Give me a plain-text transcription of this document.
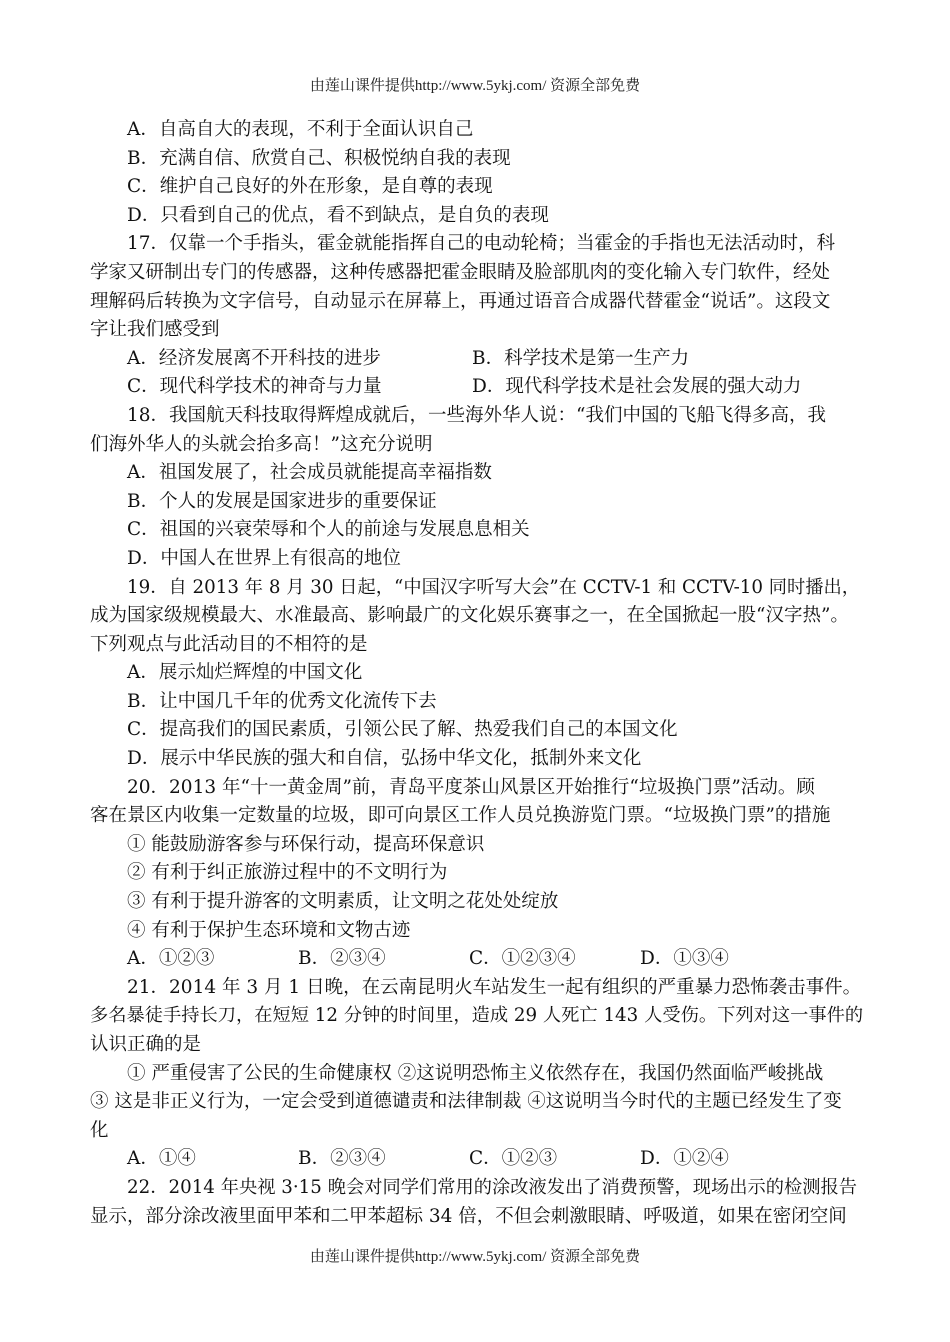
由莲山课件提供http://www.5ykj.com/ 资源全部免费

A．自高自大的表现，不利于全面认识自己

B．充满自信、欣赏自己、积极悦纳自我的表现

C．维护自己良好的外在形象，是自尊的表现

D．只看到自己的优点，看不到缺点，是自负的表现

17．仅靠一个手指头，霍金就能指挥自己的电动轮椅；当霍金的手指也无法活动时，科

学家又研制出专门的传感器，这种传感器把霍金眼睛及脸部肌肉的变化输入专门软件，经处

理解码后转换为文字信号，自动显示在屏幕上，再通过语音合成器代替霍金“说话”。这段文

字让我们感受到

A．经济发展离不开科技的进步	B．科学技术是第一生产力
C．现代科学技术的神奇与力量	D．现代科学技术是社会发展的强大动力

18．我国航天科技取得辉煌成就后，一些海外华人说：“我们中国的飞船飞得多高，我

们海外华人的头就会抬多高！”这充分说明

A．祖国发展了，社会成员就能提高幸福指数

B．个人的发展是国家进步的重要保证

C．祖国的兴衰荣辱和个人的前途与发展息息相关

D．中国人在世界上有很高的地位

19．自 2013 年 8 月 30 日起，“中国汉字听写大会”在 CCTV-1 和 CCTV-10 同时播出，

成为国家级规模最大、水准最高、影响最广的文化娱乐赛事之一，在全国掀起一股“汉字热”。

下列观点与此活动目的不相符的是

A．展示灿烂辉煌的中国文化

B．让中国几千年的优秀文化流传下去

C．提高我们的国民素质，引领公民了解、热爱我们自己的本国文化

D．展示中华民族的强大和自信，弘扬中华文化，抵制外来文化

20．2013 年“十一黄金周”前，青岛平度茶山风景区开始推行“垃圾换门票”活动。顾

客在景区内收集一定数量的垃圾，即可向景区工作人员兑换游览门票。“垃圾换门票”的措施

① 能鼓励游客参与环保行动，提高环保意识

② 有利于纠正旅游过程中的不文明行为

③ 有利于提升游客的文明素质，让文明之花处处绽放

④ 有利于保护生态环境和文物古迹

A．①②③	B．②③④	C．①②③④	D．①③④

21．2014 年 3 月 1 日晚，在云南昆明火车站发生一起有组织的严重暴力恐怖袭击事件。

多名暴徒手持长刀，在短短 12 分钟的时间里，造成 29 人死亡 143 人受伤。下列对这一事件的

认识正确的是

① 严重侵害了公民的生命健康权 ②这说明恐怖主义依然存在，我国仍然面临严峻挑战

③ 这是非正义行为，一定会受到道德谴责和法律制裁 ④这说明当今时代的主题已经发生了变

化

A．①④	B．②③④	C．①②③	D．①②④

22．2014 年央视 3·15 晚会对同学们常用的涂改液发出了消费预警，现场出示的检测报告

显示，部分涂改液里面甲苯和二甲苯超标 34 倍，不但会刺激眼睛、呼吸道，如果在密闭空间

由莲山课件提供http://www.5ykj.com/ 资源全部免费
